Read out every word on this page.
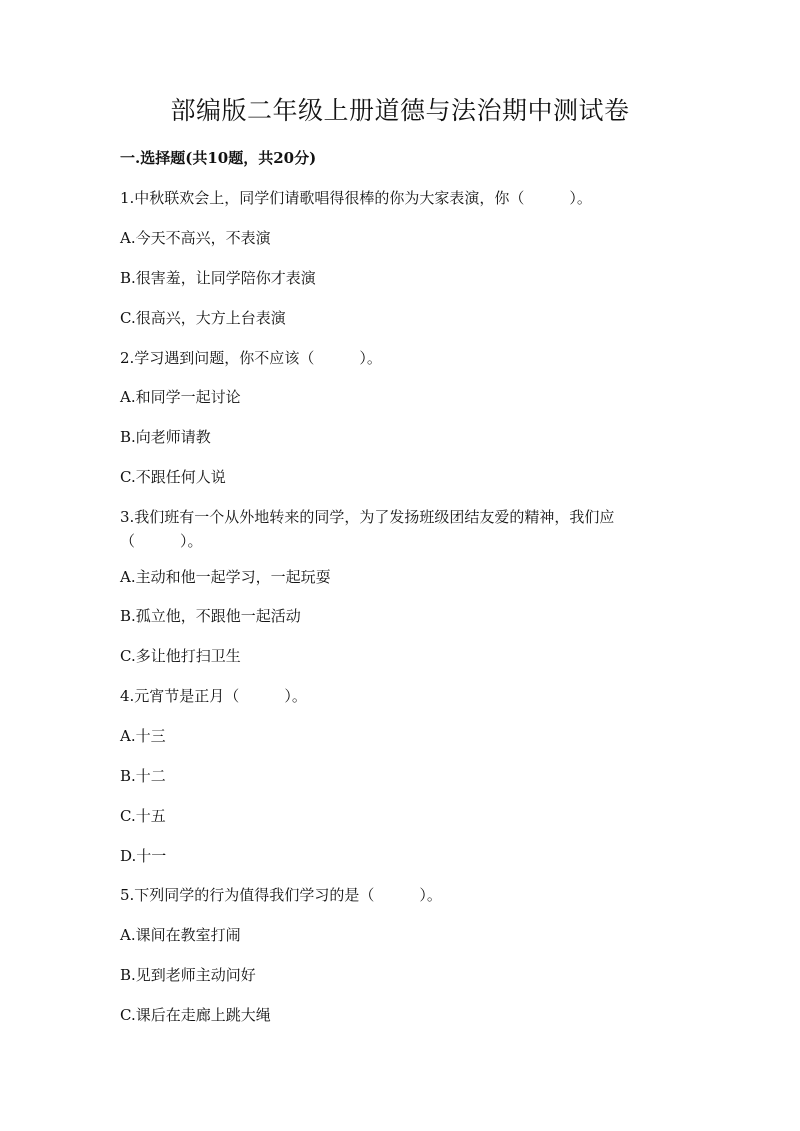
部编版二年级上册道德与法治期中测试卷
一.选择题(共10题，共20分)
1.中秋联欢会上，同学们请歌唱得很棒的你为大家表演，你（　　　）。
A.今天不高兴，不表演
B.很害羞，让同学陪你才表演
C.很高兴，大方上台表演
2.学习遇到问题，你不应该（　　　）。
A.和同学一起讨论
B.向老师请教
C.不跟任何人说
3.我们班有一个从外地转来的同学，为了发扬班级团结友爱的精神，我们应（　　　）。
A.主动和他一起学习，一起玩耍
B.孤立他，不跟他一起活动
C.多让他打扫卫生
4.元宵节是正月（　　　）。
A.十三
B.十二
C.十五
D.十一
5.下列同学的行为值得我们学习的是（　　　）。
A.课间在教室打闹
B.见到老师主动问好
C.课后在走廊上跳大绳
